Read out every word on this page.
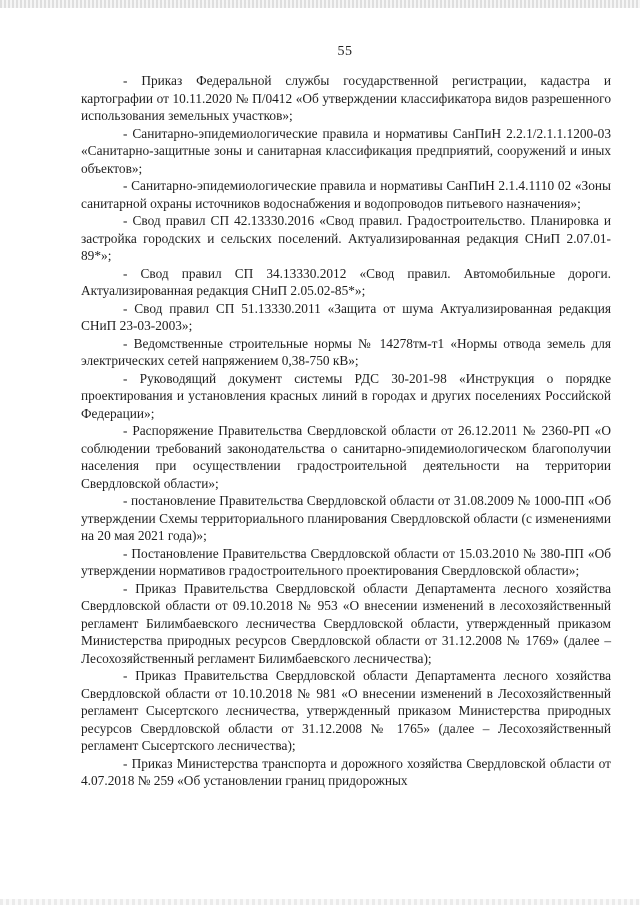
55

- Приказ Федеральной службы государственной регистрации, кадастра и картографии от 10.11.2020 № П/0412 «Об утверждении классификатора видов разрешенного использования земельных участков»;

- Санитарно-эпидемиологические правила и нормативы СанПиН 2.2.1/2.1.1.1200-03 «Санитарно-защитные зоны и санитарная классификация предприятий, сооружений и иных объектов»;

- Санитарно-эпидемиологические правила и нормативы СанПиН 2.1.4.1110 02 «Зоны санитарной охраны источников водоснабжения и водопроводов питьевого назначения»;

- Свод правил СП 42.13330.2016 «Свод правил. Градостроительство. Планировка и застройка городских и сельских поселений. Актуализированная редакция СНиП 2.07.01-89*»;

- Свод правил СП 34.13330.2012 «Свод правил. Автомобильные дороги. Актуализированная редакция СНиП 2.05.02-85*»;

- Свод правил СП 51.13330.2011 «Защита от шума Актуализированная редакция СНиП 23-03-2003»;

- Ведомственные строительные нормы № 14278тм-т1 «Нормы отвода земель для электрических сетей напряжением 0,38-750 кВ»;

- Руководящий документ системы РДС 30-201-98 «Инструкция о порядке проектирования и установления красных линий в городах и других поселениях Российской Федерации»;

- Распоряжение Правительства Свердловской области от 26.12.2011 № 2360-РП «О соблюдении требований законодательства о санитарно-эпидемиологическом благополучии населения при осуществлении градостроительной деятельности на территории Свердловской области»;

- постановление Правительства Свердловской области от 31.08.2009 № 1000-ПП «Об утверждении Схемы территориального планирования Свердловской области (с изменениями на 20 мая 2021 года)»;

- Постановление Правительства Свердловской области от 15.03.2010 № 380-ПП «Об утверждении нормативов градостроительного проектирования Свердловской области»;

- Приказ Правительства Свердловской области Департамента лесного хозяйства Свердловской области от 09.10.2018 № 953 «О внесении изменений в лесохозяйственный регламент Билимбаевского лесничества Свердловской области, утвержденный приказом Министерства природных ресурсов Свердловской области от 31.12.2008 № 1769» (далее – Лесохозяйственный регламент Билимбаевского лесничества);

- Приказ Правительства Свердловской области Департамента лесного хозяйства Свердловской области от 10.10.2018 № 981 «О внесении изменений в Лесохозяйственный регламент Сысертского лесничества, утвержденный приказом Министерства природных ресурсов Свердловской области от 31.12.2008 № 1765» (далее – Лесохозяйственный регламент Сысертского лесничества);

- Приказ Министерства транспорта и дорожного хозяйства Свердловской области от 4.07.2018 № 259 «Об установлении границ придорожных
